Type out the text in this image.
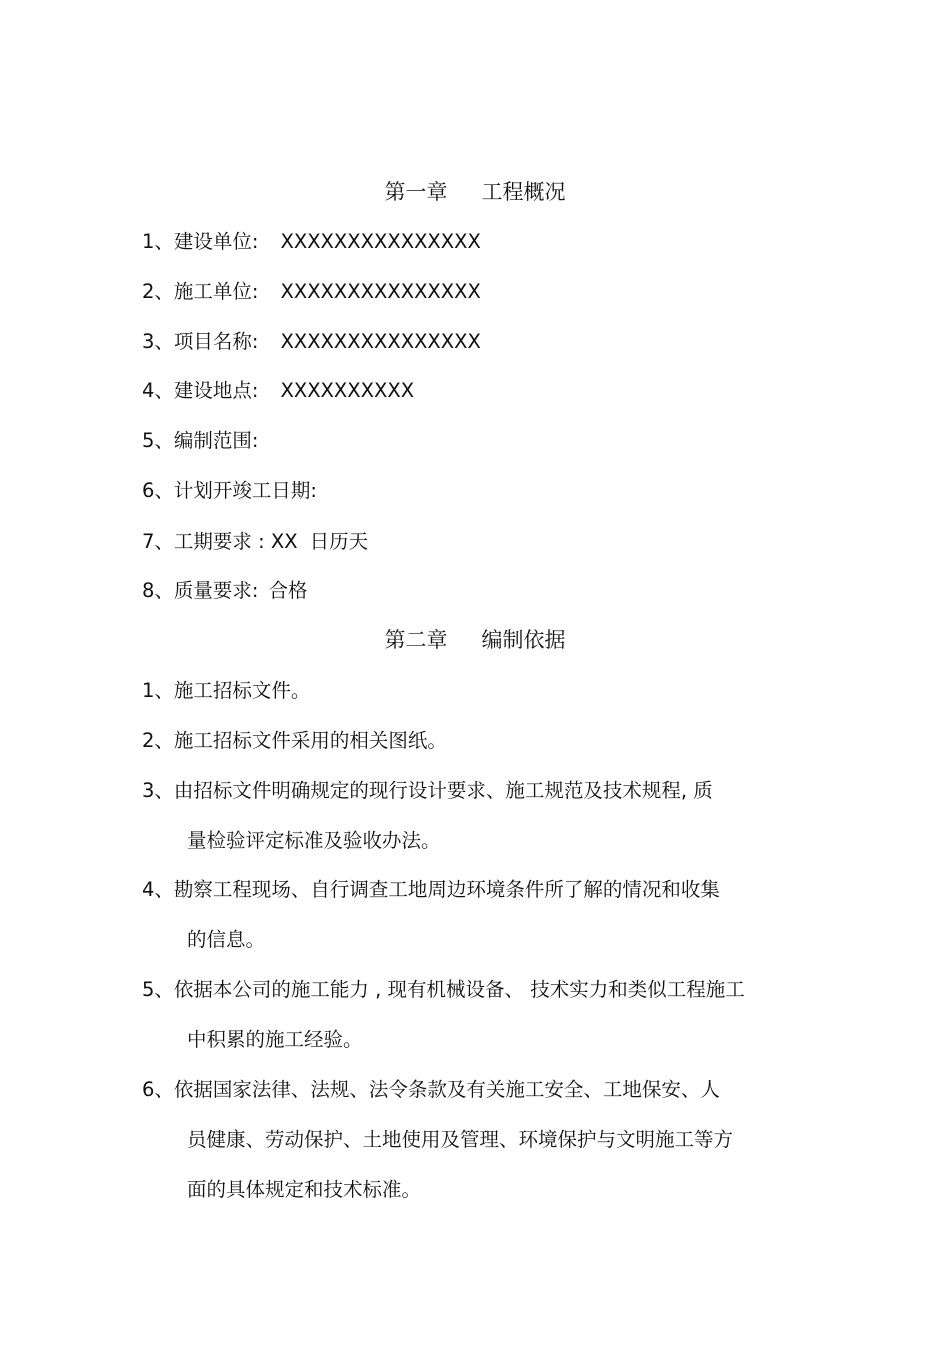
第一章 工程概况
1、建设单位: XXXXXXXXXXXXXXX
2、施工单位: XXXXXXXXXXXXXXX
3、项目名称: XXXXXXXXXXXXXXX
4、建设地点: XXXXXXXXXX
5、编制范围:
6、计划开竣工日期:
7、工期要求 : XX 日历天
8、质量要求: 合格
第二章 编制依据
1、施工招标文件。
2、施工招标文件采用的相关图纸。
3、由招标文件明确规定的现行设计要求、施工规范及技术规程, 质
量检验评定标准及验收办法。
4、勘察工程现场、自行调查工地周边环境条件所了解的情况和收集
的信息。
5、依据本公司的施工能力 , 现有机械设备、 技术实力和类似工程施工
中积累的施工经验。
6、依据国家法律、法规、法令条款及有关施工安全、工地保安、人
员健康、劳动保护、土地使用及管理、环境保护与文明施工等方
面的具体规定和技术标准。
